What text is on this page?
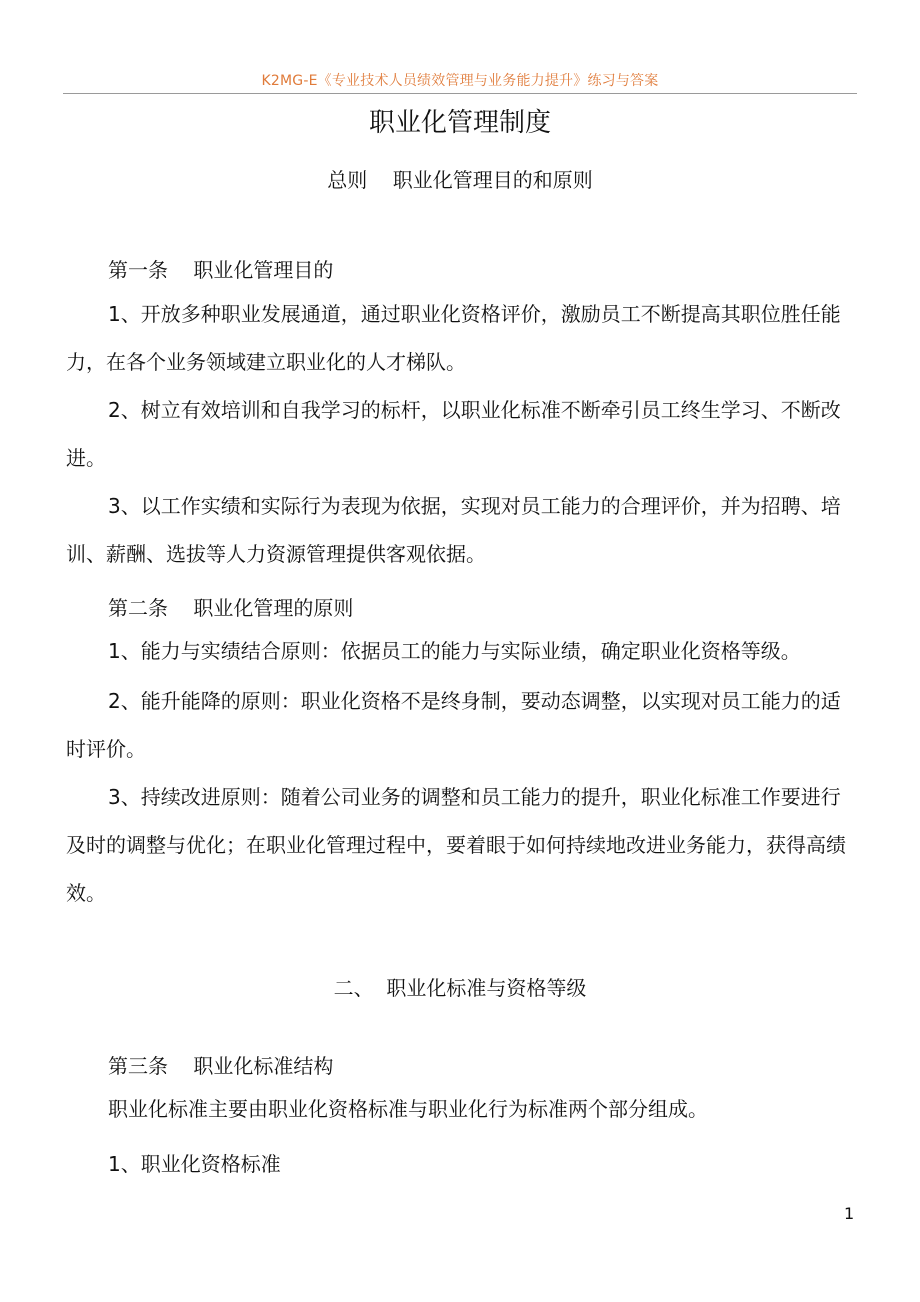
K2MG-E《专业技术人员绩效管理与业务能力提升》练习与答案
职业化管理制度
总则    职业化管理目的和原则
第一条    职业化管理目的
1、开放多种职业发展通道，通过职业化资格评价，激励员工不断提高其职位胜任能力，在各个业务领域建立职业化的人才梯队。
2、树立有效培训和自我学习的标杆，以职业化标准不断牵引员工终生学习、不断改进。
3、以工作实绩和实际行为表现为依据，实现对员工能力的合理评价，并为招聘、培训、薪酬、选拔等人力资源管理提供客观依据。
第二条    职业化管理的原则
1、能力与实绩结合原则：依据员工的能力与实际业绩，确定职业化资格等级。
2、能升能降的原则：职业化资格不是终身制，要动态调整，以实现对员工能力的适时评价。
3、持续改进原则：随着公司业务的调整和员工能力的提升，职业化标准工作要进行及时的调整与优化；在职业化管理过程中，要着眼于如何持续地改进业务能力，获得高绩效。
二、  职业化标准与资格等级
第三条    职业化标准结构
职业化标准主要由职业化资格标准与职业化行为标准两个部分组成。
1、职业化资格标准
1
